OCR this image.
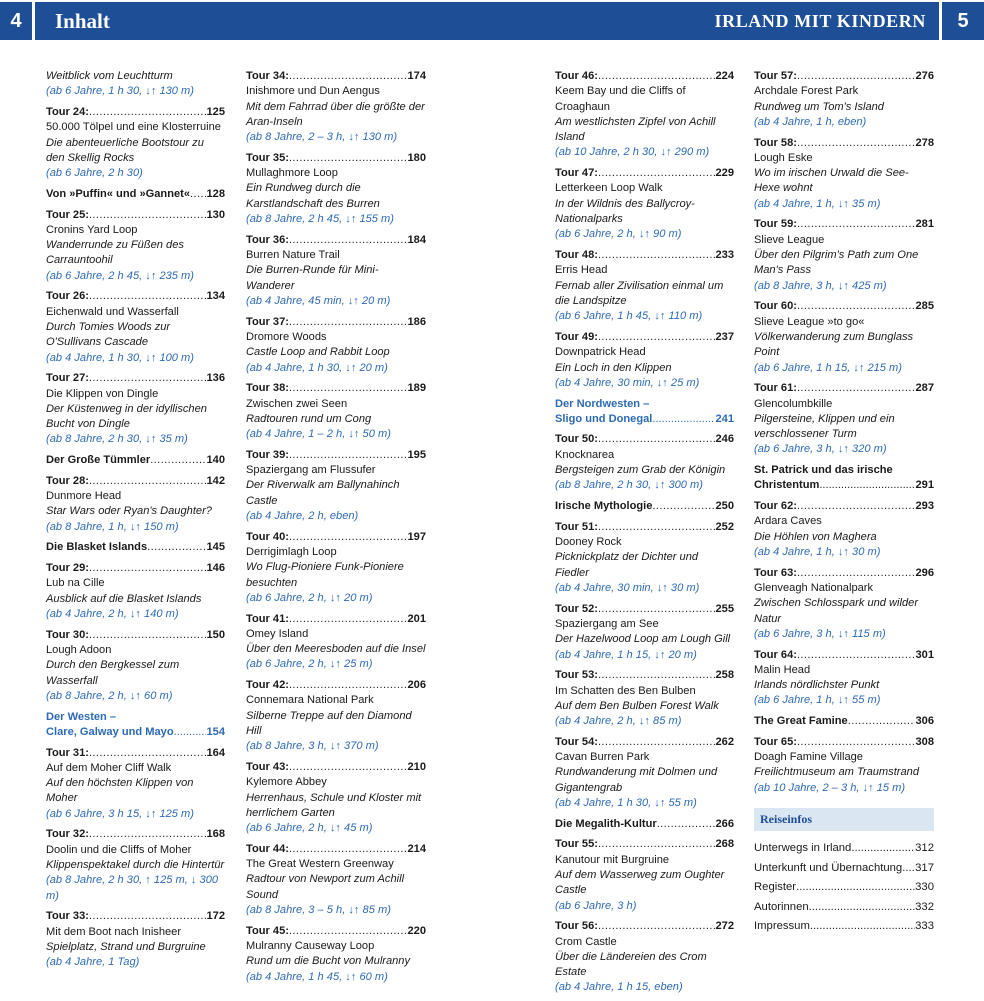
4	Inhalt	IRLAND MIT KINDERN	5
Weitblick vom Leuchtturm
(ab 6 Jahre, 1 h 30, ↓↑ 130 m)
Tour 24: .....	125
50.000 Tölpel und eine Klosterruine
Die abenteuerliche Bootstour zu den Skellig Rocks
(ab 6 Jahre, 2 h 30)
Von »Puffin« und »Gannet« ..... 128
Tour 25: .....	130
Cronins Yard Loop
Wanderrunde zu Füßen des Carrauntoohil
(ab 6 Jahre, 2 h 45, ↓↑ 235 m)
Tour 26: .....	134
Eichenwald und Wasserfall
Durch Tomies Woods zur O'Sullivans Cascade
(ab 4 Jahre, 1 h 30, ↓↑ 100 m)
Tour 27: .....	136
Die Klippen von Dingle
Der Küstenweg in der idyllischen Bucht von Dingle
(ab 8 Jahre, 2 h 30, ↓↑ 35 m)
Der Große Tümmler .....	140
Tour 28: .....	142
Dunmore Head
Star Wars oder Ryan's Daughter?
(ab 8 Jahre, 1 h, ↓↑ 150 m)
Die Blasket Islands .....	145
Tour 29: .....	146
Lub na Cille
Ausblick auf die Blasket Islands
(ab 4 Jahre, 2 h, ↓↑ 140 m)
Tour 30: .....	150
Lough Adoon
Durch den Bergkessel zum Wasserfall
(ab 8 Jahre, 2 h, ↓↑ 60 m)
Der Westen –
Clare, Galway und Mayo .....	154
Tour 31: .....	164
Auf dem Moher Cliff Walk
Auf den höchsten Klippen von Moher
(ab 6 Jahre, 3 h 15, ↓↑ 125 m)
Tour 32: .....	168
Doolin und die Cliffs of Moher
Klippenspektakel durch die Hintertür
(ab 8 Jahre, 2 h 30, ↑ 125 m, ↓ 300 m)
Tour 33: .....	172
Mit dem Boot nach Inisheer
Spielplatz, Strand und Burgruine
(ab 4 Jahre, 1 Tag)
Tour 34: .....	174
Inishmore und Dun Aengus
Mit dem Fahrrad über die größte der Aran-Inseln
(ab 8 Jahre, 2 – 3 h, ↓↑ 130 m)
Tour 35: .....	180
Mullaghmore Loop
Ein Rundweg durch die Karstlandschaft des Burren
(ab 8 Jahre, 2 h 45, ↓↑ 155 m)
Tour 36: .....	184
Burren Nature Trail
Die Burren-Runde für Mini-Wanderer
(ab 4 Jahre, 45 min, ↓↑ 20 m)
Tour 37: .....	186
Dromore Woods
Castle Loop and Rabbit Loop
(ab 4 Jahre, 1 h 30, ↓↑ 20 m)
Tour 38: .....	189
Zwischen zwei Seen
Radtouren rund um Cong
(ab 4 Jahre, 1 – 2 h, ↓↑ 50 m)
Tour 39: .....	195
Spaziergang am Flussufer
Der Riverwalk am Ballynahinch Castle
(ab 4 Jahre, 2 h, eben)
Tour 40: .....	197
Derrigimlagh Loop
Wo Flug-Pioniere Funk-Pioniere besuchten
(ab 6 Jahre, 2 h, ↓↑ 20 m)
Tour 41: .....	201
Omey Island
Über den Meeresboden auf die Insel
(ab 6 Jahre, 2 h, ↓↑ 25 m)
Tour 42: .....	206
Connemara National Park
Silberne Treppe auf den Diamond Hill
(ab 8 Jahre, 3 h, ↓↑ 370 m)
Tour 43: .....	210
Kylemore Abbey
Herrenhaus, Schule und Kloster mit herrlichem Garten
(ab 6 Jahre, 2 h, ↓↑ 45 m)
Tour 44: .....	214
The Great Western Greenway
Radtour von Newport zum Achill Sound
(ab 8 Jahre, 3 – 5 h, ↓↑ 85 m)
Tour 45: .....	220
Mulranny Causeway Loop
Rund um die Bucht von Mulranny
(ab 4 Jahre, 1 h 45, ↓↑ 60 m)
Tour 46: .....	224
Keem Bay und die Cliffs of Croaghaun
Am westlichsten Zipfel von Achill Island
(ab 10 Jahre, 2 h 30, ↓↑ 290 m)
Tour 47: .....	229
Letterkeen Loop Walk
In der Wildnis des Ballycroy-Nationalparks
(ab 6 Jahre, 2 h, ↓↑ 90 m)
Tour 48: .....	233
Erris Head
Fernab aller Zivilisation einmal um die Landspitze
(ab 6 Jahre, 1 h 45, ↓↑ 110 m)
Tour 49: .....	237
Downpatrick Head
Ein Loch in den Klippen
(ab 4 Jahre, 30 min, ↓↑ 25 m)
Der Nordwesten –
Sligo und Donegal .....	241
Tour 50: .....	246
Knocknarea
Bergsteigen zum Grab der Königin
(ab 8 Jahre, 2 h 30, ↓↑ 300 m)
Irische Mythologie .....	250
Tour 51: .....	252
Dooney Rock
Picknickplatz der Dichter und Fiedler
(ab 4 Jahre, 30 min, ↓↑ 30 m)
Tour 52: .....	255
Spaziergang am See
Der Hazelwood Loop am Lough Gill
(ab 4 Jahre, 1 h 15, ↓↑ 20 m)
Tour 53: .....	258
Im Schatten des Ben Bulben
Auf dem Ben Bulben Forest Walk
(ab 4 Jahre, 2 h, ↓↑ 85 m)
Tour 54: .....	262
Cavan Burren Park
Rundwanderung mit Dolmen und Gigantengrab
(ab 4 Jahre, 1 h 30, ↓↑ 55 m)
Die Megalith-Kultur .....	266
Tour 55: .....	268
Kanutour mit Burgruine
Auf dem Wasserweg zum Oughter Castle
(ab 6 Jahre, 3 h)
Tour 56: .....	272
Crom Castle
Über die Ländereien des Crom Estate
(ab 4 Jahre, 1 h 15, eben)
Tour 57: .....	276
Archdale Forest Park
Rundweg um Tom's Island
(ab 4 Jahre, 1 h, eben)
Tour 58: .....	278
Lough Eske
Wo im irischen Urwald die See-Hexe wohnt
(ab 4 Jahre, 1 h, ↓↑ 35 m)
Tour 59: .....	281
Slieve League
Über den Pilgrim's Path zum One Man's Pass
(ab 8 Jahre, 3 h, ↓↑ 425 m)
Tour 60: .....	285
Slieve League »to go«
Völkerwanderung zum Bunglass Point
(ab 6 Jahre, 1 h 15, ↓↑ 215 m)
Tour 61: .....	287
Glencolumbkille
Pilgersteine, Klippen und ein verschlossener Turm
(ab 6 Jahre, 3 h, ↓↑ 320 m)
St. Patrick und das irische
Christentum .....	291
Tour 62: .....	293
Ardara Caves
Die Höhlen von Maghera
(ab 4 Jahre, 1 h, ↓↑ 30 m)
Tour 63: .....	296
Glenveagh Nationalpark
Zwischen Schlosspark und wilder Natur
(ab 6 Jahre, 3 h, ↓↑ 115 m)
Tour 64: .....	301
Malin Head
Irlands nördlichster Punkt
(ab 6 Jahre, 1 h, ↓↑ 55 m)
The Great Famine .....	306
Tour 65: .....	308
Doagh Famine Village
Freilichtmuseum am Traumstrand
(ab 10 Jahre, 2 – 3 h, ↓↑ 15 m)
Reiseinfos
Unterwegs in Irland .....	312
Unterkunft und Übernachtung ..... 317
Register .....	330
Autorinnen .....	332
Impressum .....	333
